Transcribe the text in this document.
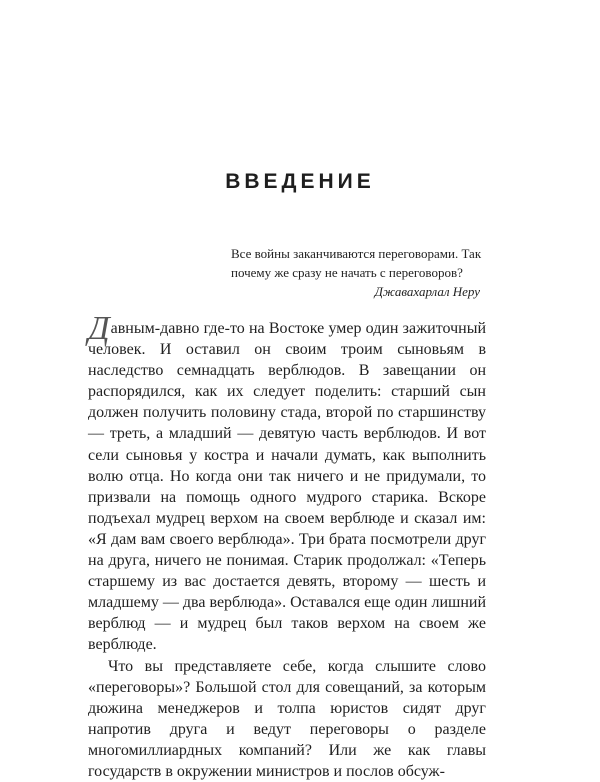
ВВЕДЕНИЕ

Все войны заканчиваются переговорами. Так почему же сразу не начать с переговоров?

Джавахарлал Неру

Давным-давно где-то на Востоке умер один зажиточный человек. И оставил он своим троим сыновьям в наследство семнадцать верблюдов. В завещании он распорядился, как их следует поделить: старший сын должен получить половину стада, второй по старшинству — треть, а младший — девятую часть верблюдов. И вот сели сыновья у костра и начали думать, как выполнить волю отца. Но когда они так ничего и не придумали, то призвали на помощь одного мудрого старика. Вскоре подъехал мудрец верхом на своем верблюде и сказал им: «Я дам вам своего верблюда». Три брата посмотрели друг на друга, ничего не понимая. Старик продолжал: «Теперь старшему из вас достается девять, второму — шесть и младшему — два верблюда». Оставался еще один лишний верблюд — и мудрец был таков верхом на своем же верблюде.

Что вы представляете себе, когда слышите слово «переговоры»? Большой стол для совещаний, за которым дюжина менеджеров и толпа юристов сидят друг напротив друга и ведут переговоры о разделе многомиллиардных компаний? Или же как главы государств в окружении министров и послов обсуж-
